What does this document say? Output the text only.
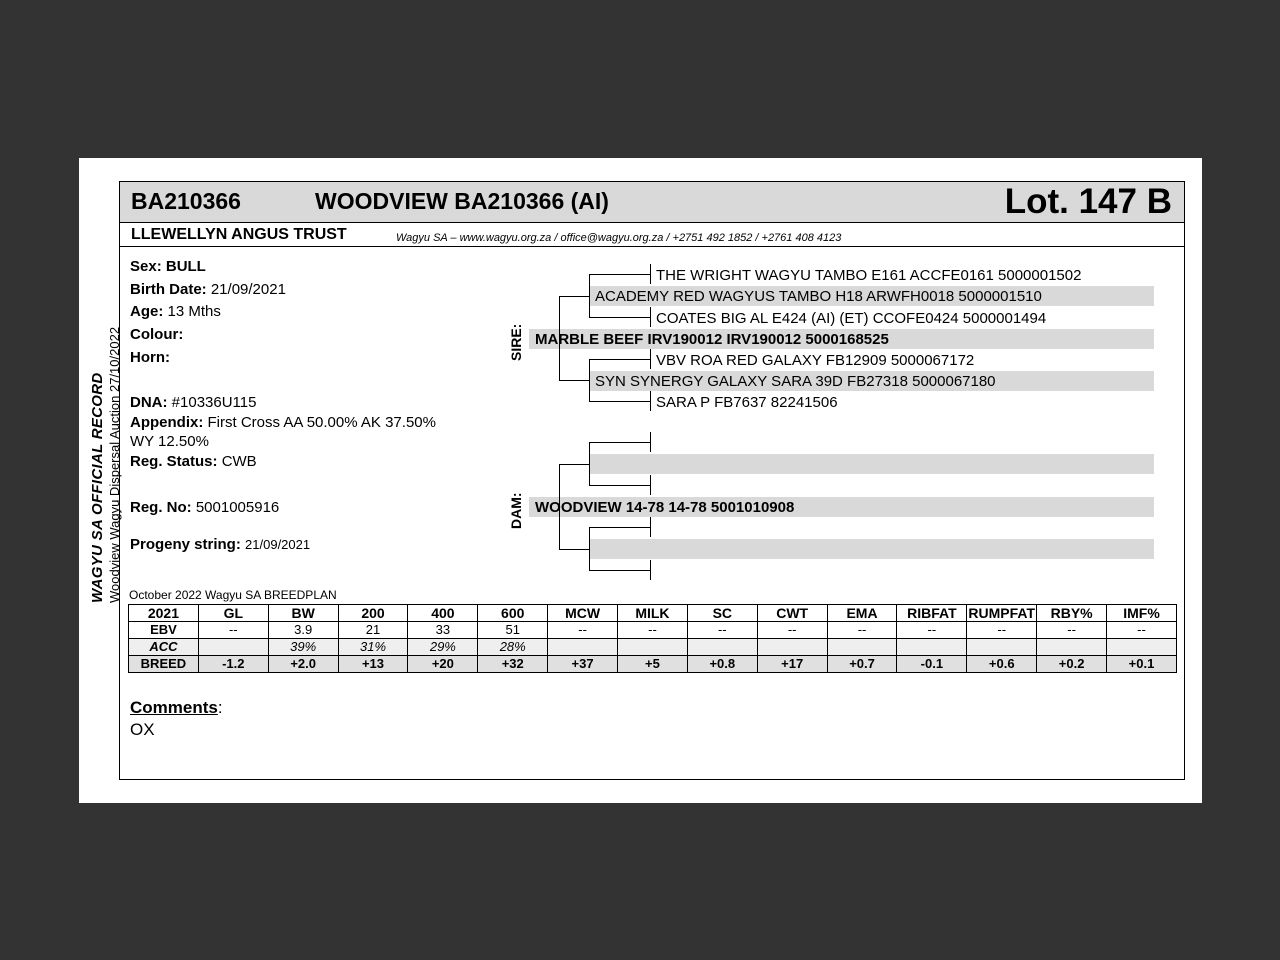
BA210366	WOODVIEW BA210366 (AI)	Lot. 147 B
LLEWELLYN ANGUS TRUST	Wagyu SA – www.wagyu.org.za / office@wagyu.org.za / +2751 492 1852 / +2761 408 4123
WAGYU SA OFFICIAL RECORD Woodview Wagyu Dispersal Auction 27/10/2022
Sex: BULL
Birth Date: 21/09/2021
Age: 13 Mths
Colour:
Horn:
DNA: #10336U115
Appendix: First Cross AA 50.00% AK 37.50%
WY 12.50%
Reg. Status: CWB
Reg. No: 5001005916
Progeny string: 21/09/2021
THE WRIGHT WAGYU TAMBO E161 ACCFE0161 5000001502
ACADEMY RED WAGYUS TAMBO H18 ARWFH0018 5000001510
COATES BIG AL E424 (AI) (ET) CCOFE0424 5000001494
MARBLE BEEF IRV190012 IRV190012 5000168525
VBV ROA RED GALAXY FB12909 5000067172
SYN SYNERGY GALAXY SARA 39D FB27318 5000067180
SARA P FB7637 82241506
WOODVIEW 14-78 14-78 5001010908
SIRE:
DAM:
October 2022 Wagyu SA BREEDPLAN
2021	GL	BW	200	400	600	MCW	MILK	SC	CWT	EMA	RIBFAT	RUMPFAT	RBY%	IMF%
EBV	--	3.9	21	33	51	--	--	--	--	--	--	--	--	--
ACC		39%	31%	29%	28%									
BREED	-1.2	+2.0	+13	+20	+32	+37	+5	+0.8	+17	+0.7	-0.1	+0.6	+0.2	+0.1
Comments:
OX
